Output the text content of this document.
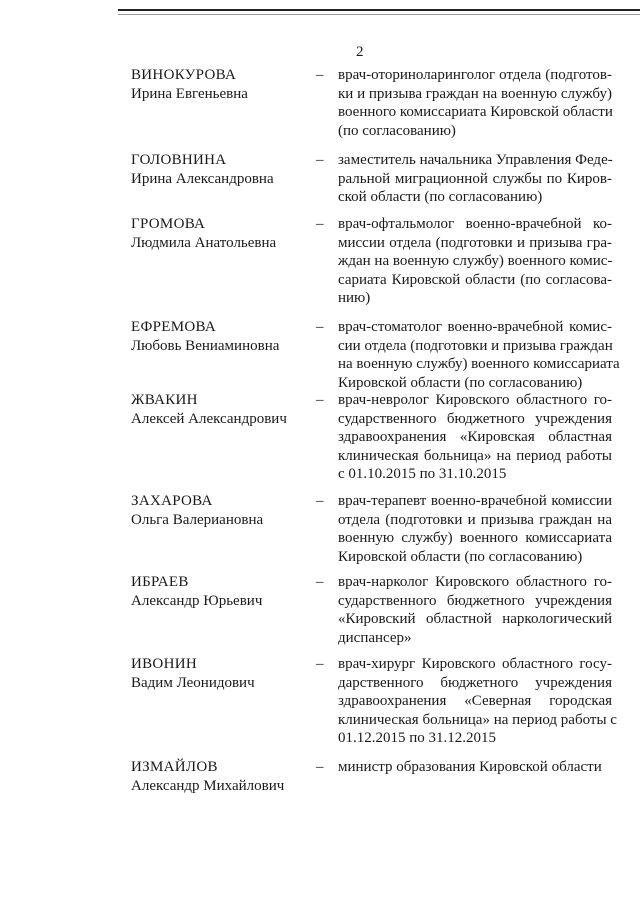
2
ВИНОКУРОВА
Ирина Евгеньевна
– врач-оториноларинголог отдела (подготов-
ки и призыва граждан на военную службу)
военного комиссариата Кировской области
(по согласованию)

ГОЛОВНИНА
Ирина Александровна
– заместитель начальника Управления Феде-
ральной миграционной службы по Киров-
ской области (по согласованию)

ГРОМОВА
Людмила Анатольевна
– врач-офтальмолог военно-врачебной ко-
миссии отдела (подготовки и призыва гра-
ждан на военную службу) военного комис-
сариата Кировской области (по согласова-
нию)

ЕФРЕМОВА
Любовь Вениаминовна
– врач-стоматолог военно-врачебной комис-
сии отдела (подготовки и призыва граждан
на военную службу) военного комиссариата
Кировской области (по согласованию)

ЖВАКИН
Алексей Александрович
– врач-невролог Кировского областного го-
сударственного бюджетного учреждения
здравоохранения «Кировская областная
клиническая больница» на период работы
с 01.10.2015 по 31.10.2015

ЗАХАРОВА
Ольга Валериановна
– врач-терапевт военно-врачебной комиссии
отдела (подготовки и призыва граждан на
военную службу) военного комиссариата
Кировской области (по согласованию)

ИБРАЕВ
Александр Юрьевич
– врач-нарколог Кировского областного го-
сударственного бюджетного учреждения
«Кировский областной наркологический
диспансер»

ИВОНИН
Вадим Леонидович
– врач-хирург Кировского областного госу-
дарственного бюджетного учреждения
здравоохранения «Северная городская
клиническая больница» на период работы с
01.12.2015 по 31.12.2015

ИЗМАЙЛОВ
Александр Михайлович
– министр образования Кировской области
